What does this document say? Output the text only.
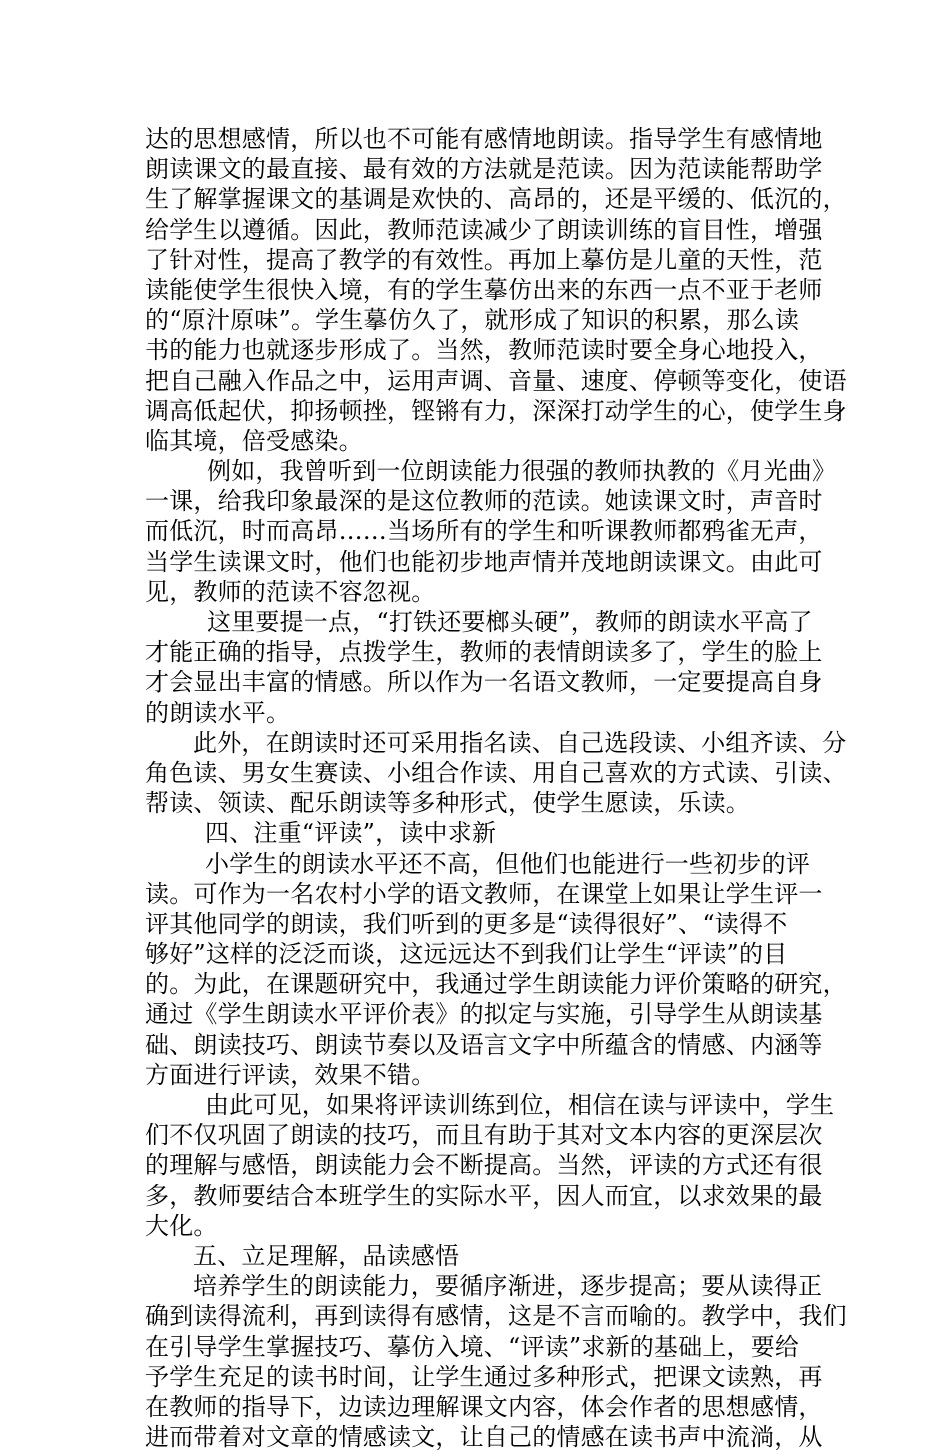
达的思想感情，所以也不可能有感情地朗读。指导学生有感情地
朗读课文的最直接、最有效的方法就是范读。因为范读能帮助学
生了解掌握课文的基调是欢快的、高昂的，还是平缓的、低沉的，
给学生以遵循。因此，教师范读减少了朗读训练的盲目性，增强
了针对性，提高了教学的有效性。再加上摹仿是儿童的天性，范
读能使学生很快入境，有的学生摹仿出来的东西一点不亚于老师
的“原汁原味”。学生摹仿久了，就形成了知识的积累，那么读
书的能力也就逐步形成了。当然，教师范读时要全身心地投入，
把自己融入作品之中，运用声调、音量、速度、停顿等变化，使语
调高低起伏，抑扬顿挫，铿锵有力，深深打动学生的心，使学生身
临其境，倍受感染。
例如，我曾听到一位朗读能力很强的教师执教的《月光曲》
一课，给我印象最深的是这位教师的范读。她读课文时，声音时
而低沉，时而高昂……当场所有的学生和听课教师都鸦雀无声，
当学生读课文时，他们也能初步地声情并茂地朗读课文。由此可
见，教师的范读不容忽视。
这里要提一点，“打铁还要榔头硬”，教师的朗读水平高了
才能正确的指导，点拨学生，教师的表情朗读多了，学生的脸上
才会显出丰富的情感。所以作为一名语文教师，一定要提高自身
的朗读水平。
此外，在朗读时还可采用指名读、自己选段读、小组齐读、分
角色读、男女生赛读、小组合作读、用自己喜欢的方式读、引读、
帮读、领读、配乐朗读等多种形式，使学生愿读，乐读。
四、注重“评读”，读中求新
小学生的朗读水平还不高，但他们也能进行一些初步的评
读。可作为一名农村小学的语文教师，在课堂上如果让学生评一
评其他同学的朗读，我们听到的更多是“读得很好”、“读得不
够好”这样的泛泛而谈，这远远达不到我们让学生“评读”的目
的。为此，在课题研究中，我通过学生朗读能力评价策略的研究，
通过《学生朗读水平评价表》的拟定与实施，引导学生从朗读基
础、朗读技巧、朗读节奏以及语言文字中所蕴含的情感、内涵等
方面进行评读，效果不错。
由此可见，如果将评读训练到位，相信在读与评读中，学生
们不仅巩固了朗读的技巧，而且有助于其对文本内容的更深层次
的理解与感悟，朗读能力会不断提高。当然，评读的方式还有很
多，教师要结合本班学生的实际水平，因人而宜，以求效果的最
大化。
五、立足理解，品读感悟
培养学生的朗读能力，要循序渐进，逐步提高；要从读得正
确到读得流利，再到读得有感情，这是不言而喻的。教学中，我们
在引导学生掌握技巧、摹仿入境、“评读”求新的基础上，要给
予学生充足的读书时间，让学生通过多种形式，把课文读熟，再
在教师的指导下，边读边理解课文内容，体会作者的思想感情，
进而带着对文章的情感读文，让自己的情感在读书声中流淌，从
